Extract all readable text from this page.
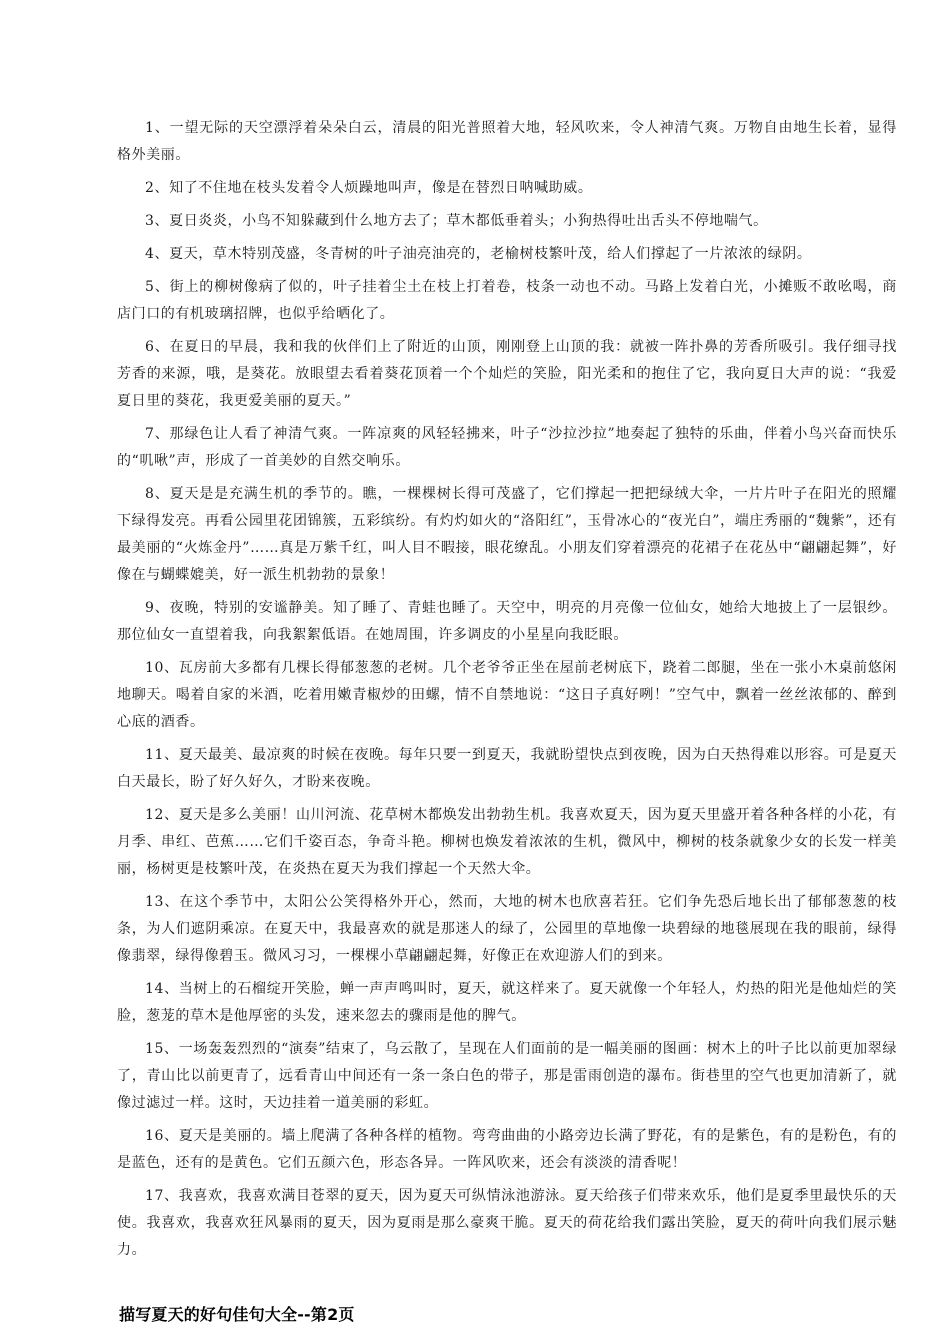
1、一望无际的天空漂浮着朵朵白云，清晨的阳光普照着大地，轻风吹来，令人神清气爽。万物自由地生长着，显得格外美丽。

2、知了不住地在枝头发着令人烦躁地叫声，像是在替烈日呐喊助威。

3、夏日炎炎，小鸟不知躲藏到什么地方去了；草木都低垂着头；小狗热得吐出舌头不停地喘气。

4、夏天，草木特别茂盛，冬青树的叶子油亮油亮的，老榆树枝繁叶茂，给人们撑起了一片浓浓的绿阴。

5、街上的柳树像病了似的，叶子挂着尘土在枝上打着卷，枝条一动也不动。马路上发着白光，小摊贩不敢吆喝，商店门口的有机玻璃招牌，也似乎给晒化了。

6、在夏日的早晨，我和我的伙伴们上了附近的山顶，刚刚登上山顶的我：就被一阵扑鼻的芳香所吸引。我仔细寻找芳香的来源，哦，是葵花。放眼望去看着葵花顶着一个个灿烂的笑脸，阳光柔和的抱住了它，我向夏日大声的说：“我爱夏日里的葵花，我更爱美丽的夏天。”

7、那绿色让人看了神清气爽。一阵凉爽的风轻轻拂来，叶子“沙拉沙拉”地奏起了独特的乐曲，伴着小鸟兴奋而快乐的“叽啾”声，形成了一首美妙的自然交响乐。

8、夏天是是充满生机的季节的。瞧，一棵棵树长得可茂盛了，它们撑起一把把绿绒大伞，一片片叶子在阳光的照耀下绿得发亮。再看公园里花团锦簇，五彩缤纷。有灼灼如火的“洛阳红”，玉骨冰心的“夜光白”，端庄秀丽的“魏紫”，还有最美丽的“火炼金丹”……真是万紫千红，叫人目不暇接，眼花缭乱。小朋友们穿着漂亮的花裙子在花丛中“翩翩起舞”，好像在与蝴蝶媲美，好一派生机勃勃的景象！

9、夜晚，特别的安谧静美。知了睡了、青蛙也睡了。天空中，明亮的月亮像一位仙女，她给大地披上了一层银纱。那位仙女一直望着我，向我絮絮低语。在她周围，许多调皮的小星星向我眨眼。

10、瓦房前大多都有几棵长得郁葱葱的老树。几个老爷爷正坐在屋前老树底下，跷着二郎腿，坐在一张小木桌前悠闲地聊天。喝着自家的米酒，吃着用嫩青椒炒的田螺，情不自禁地说：“这日子真好咧！”空气中，飘着一丝丝浓郁的、醉到心底的酒香。

11、夏天最美、最凉爽的时候在夜晚。每年只要一到夏天，我就盼望快点到夜晚，因为白天热得难以形容。可是夏天白天最长，盼了好久好久，才盼来夜晚。

12、夏天是多么美丽！山川河流、花草树木都焕发出勃勃生机。我喜欢夏天，因为夏天里盛开着各种各样的小花，有月季、串红、芭蕉……它们千姿百态，争奇斗艳。柳树也焕发着浓浓的生机，微风中，柳树的枝条就象少女的长发一样美丽，杨树更是枝繁叶茂，在炎热在夏天为我们撑起一个天然大伞。

13、在这个季节中，太阳公公笑得格外开心，然而，大地的树木也欣喜若狂。它们争先恐后地长出了郁郁葱葱的枝条，为人们遮阴乘凉。在夏天中，我最喜欢的就是那迷人的绿了，公园里的草地像一块碧绿的地毯展现在我的眼前，绿得像翡翠，绿得像碧玉。微风习习，一棵棵小草翩翩起舞，好像正在欢迎游人们的到来。

14、当树上的石榴绽开笑脸，蝉一声声鸣叫时，夏天，就这样来了。夏天就像一个年轻人，灼热的阳光是他灿烂的笑脸，葱茏的草木是他厚密的头发，速来忽去的骤雨是他的脾气。

15、一场轰轰烈烈的“演奏”结束了，乌云散了，呈现在人们面前的是一幅美丽的图画：树木上的叶子比以前更加翠绿了，青山比以前更青了，远看青山中间还有一条一条白色的带子，那是雷雨创造的瀑布。街巷里的空气也更加清新了，就像过滤过一样。这时，天边挂着一道美丽的彩虹。

16、夏天是美丽的。墙上爬满了各种各样的植物。弯弯曲曲的小路旁边长满了野花，有的是紫色，有的是粉色，有的是蓝色，还有的是黄色。它们五颜六色，形态各异。一阵风吹来，还会有淡淡的清香呢！

17、我喜欢，我喜欢满目苍翠的夏天，因为夏天可纵情泳池游泳。夏天给孩子们带来欢乐，他们是夏季里最快乐的天使。我喜欢，我喜欢狂风暴雨的夏天，因为夏雨是那么豪爽干脆。夏天的荷花给我们露出笑脸，夏天的荷叶向我们展示魅力。

描写夏天的好句佳句大全--第2页
